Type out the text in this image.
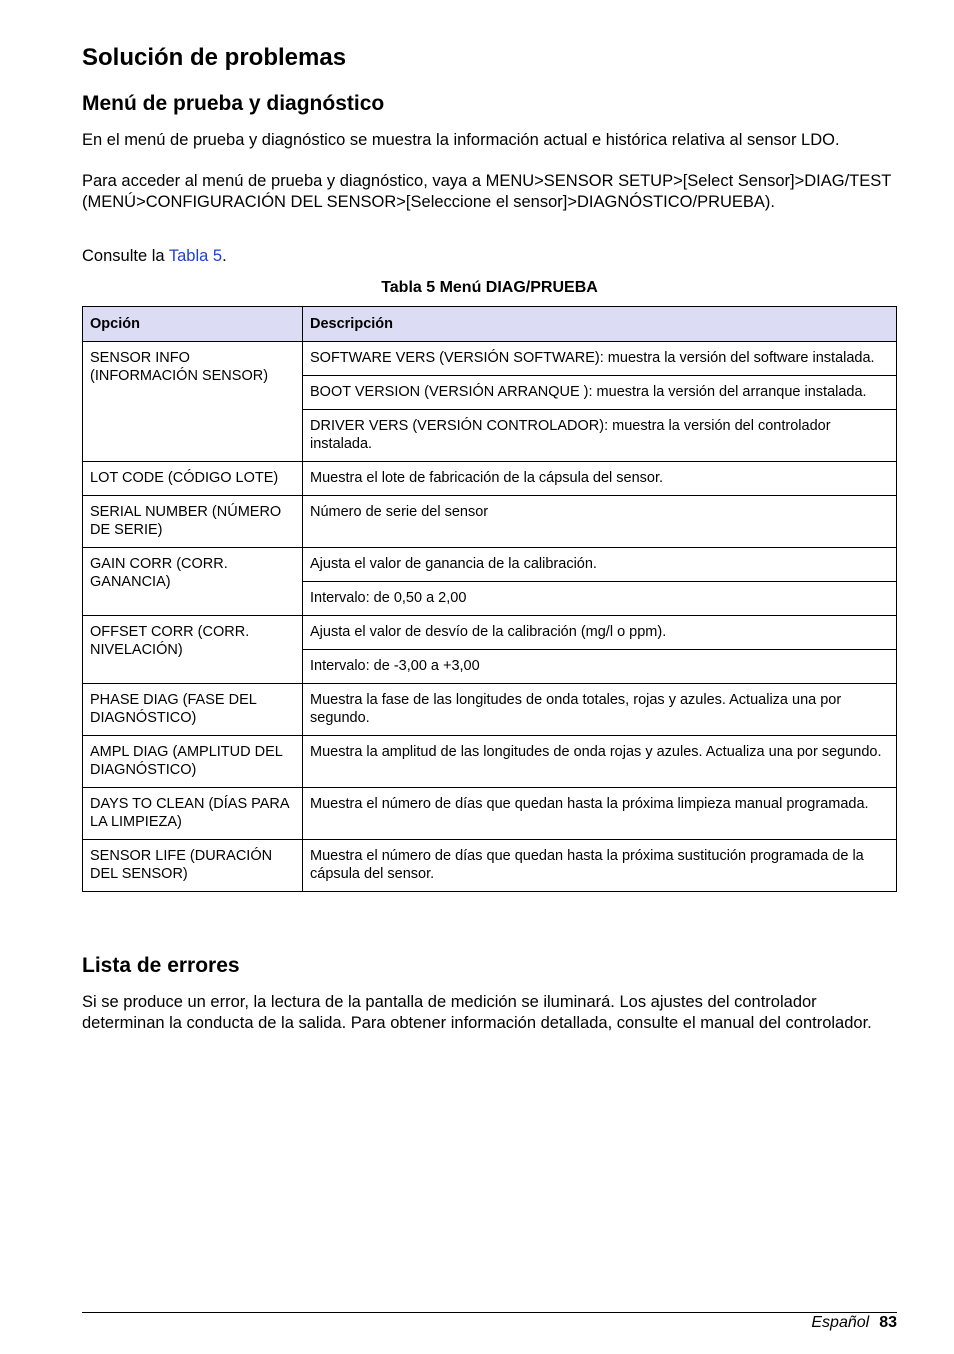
Solución de problemas
Menú de prueba y diagnóstico

En el menú de prueba y diagnóstico se muestra la información actual e histórica relativa al sensor LDO.

Para acceder al menú de prueba y diagnóstico, vaya a MENU>SENSOR SETUP>[Select Sensor]>DIAG/TEST (MENÚ>CONFIGURACIÓN DEL SENSOR>[Seleccione el sensor]>DIAGNÓSTICO/PRUEBA).

Consulte la Tabla 5.

Tabla 5 Menú DIAG/PRUEBA
Opción	Descripción
SENSOR INFO (INFORMACIÓN SENSOR)	SOFTWARE VERS (VERSIÓN SOFTWARE): muestra la versión del software instalada.
	BOOT VERSION (VERSIÓN ARRANQUE ): muestra la versión del arranque instalada.
	DRIVER VERS (VERSIÓN CONTROLADOR): muestra la versión del controlador instalada.
LOT CODE (CÓDIGO LOTE)	Muestra el lote de fabricación de la cápsula del sensor.
SERIAL NUMBER (NÚMERO DE SERIE)	Número de serie del sensor
GAIN CORR (CORR. GANANCIA)	Ajusta el valor de ganancia de la calibración.
	Intervalo: de 0,50 a 2,00
OFFSET CORR (CORR. NIVELACIÓN)	Ajusta el valor de desvío de la calibración (mg/l o ppm).
	Intervalo: de -3,00 a +3,00
PHASE DIAG (FASE DEL DIAGNÓSTICO)	Muestra la fase de las longitudes de onda totales, rojas y azules. Actualiza una por segundo.
AMPL DIAG (AMPLITUD DEL DIAGNÓSTICO)	Muestra la amplitud de las longitudes de onda rojas y azules. Actualiza una por segundo.
DAYS TO CLEAN (DÍAS PARA LA LIMPIEZA)	Muestra el número de días que quedan hasta la próxima limpieza manual programada.
SENSOR LIFE (DURACIÓN DEL SENSOR)	Muestra el número de días que quedan hasta la próxima sustitución programada de la cápsula del sensor.
Lista de errores

Si se produce un error, la lectura de la pantalla de medición se iluminará. Los ajustes del controlador determinan la conducta de la salida. Para obtener información detallada, consulte el manual del controlador.

Español 83
